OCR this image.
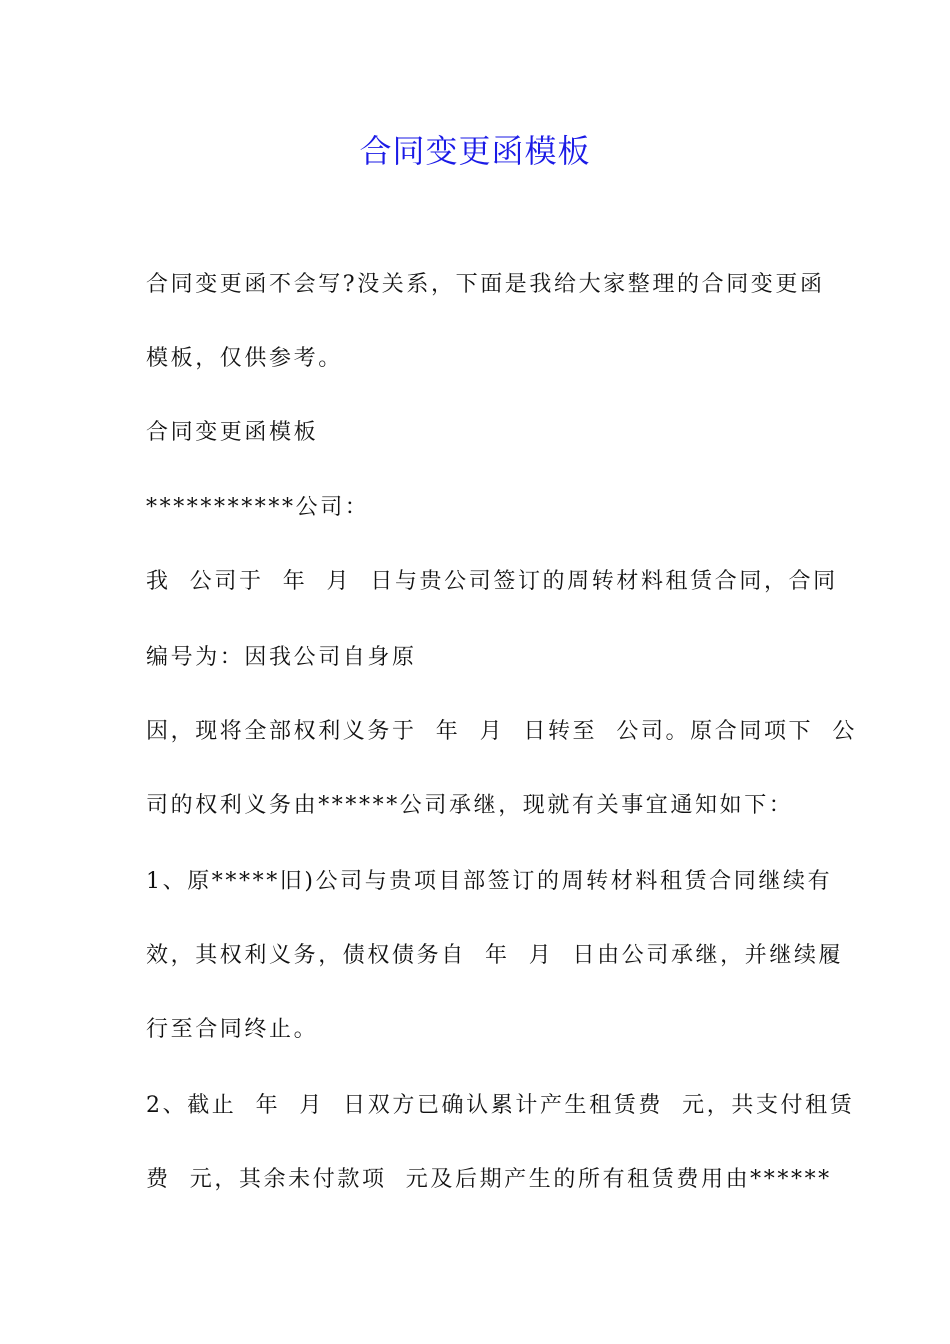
合同变更函模板
合同变更函不会写?没关系，下面是我给大家整理的合同变更函
模板，仅供参考。
合同变更函模板
***********公司：
我  公司于  年  月  日与贵公司签订的周转材料租赁合同，合同
编号为：因我公司自身原
因，现将全部权利义务于  年  月  日转至  公司。原合同项下  公
司的权利义务由******公司承继，现就有关事宜通知如下：
1、原*****旧)公司与贵项目部签订的周转材料租赁合同继续有
效，其权利义务，债权债务自  年  月  日由公司承继，并继续履
行至合同终止。
2、截止  年  月  日双方已确认累计产生租赁费  元，共支付租赁
费  元，其余未付款项  元及后期产生的所有租赁费用由******
